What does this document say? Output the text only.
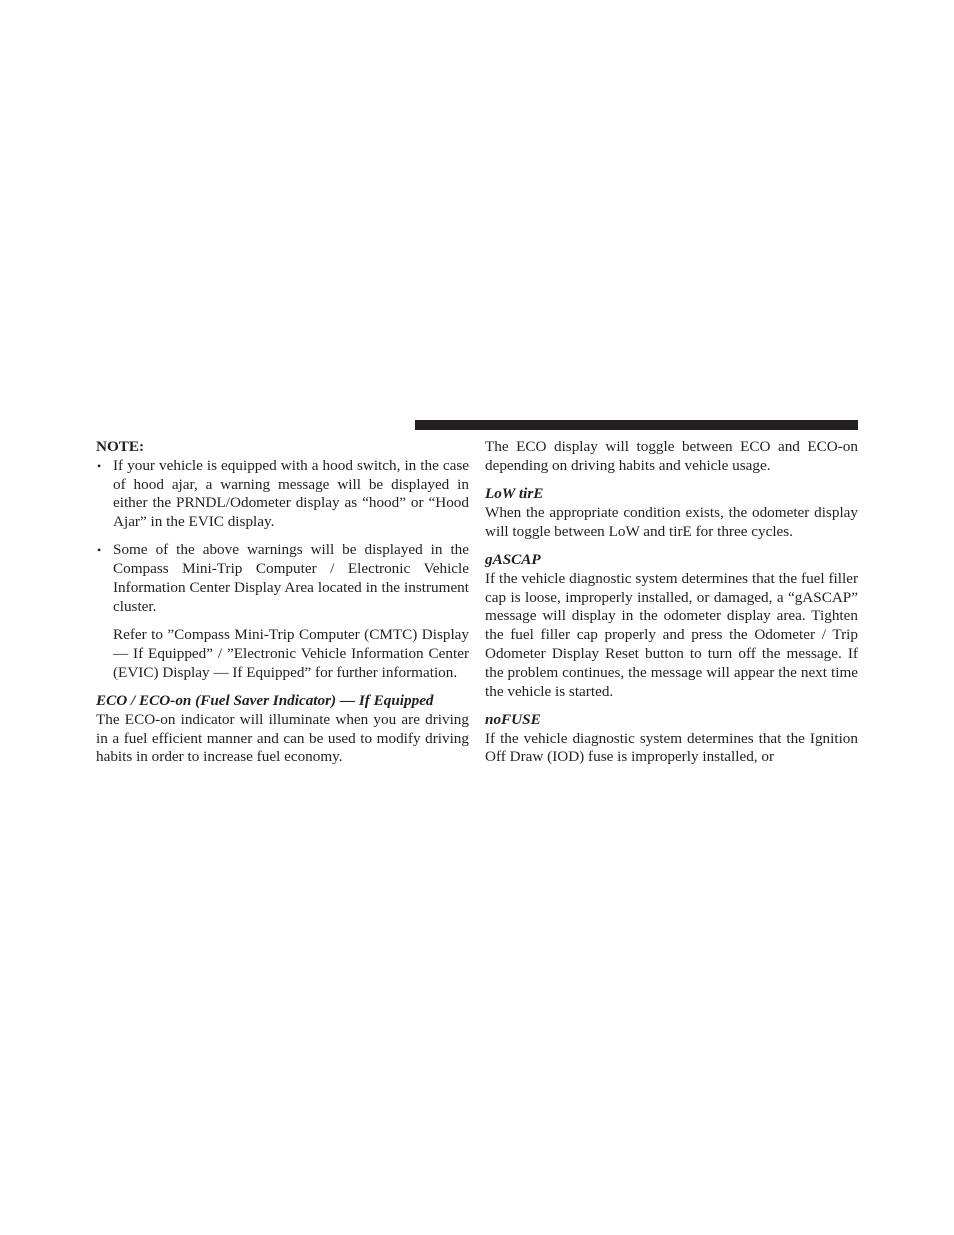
NOTE:

• If your vehicle is equipped with a hood switch, in the case of hood ajar, a warning message will be displayed in either the PRNDL/Odometer display as “hood” or “Hood Ajar” in the EVIC display.

• Some of the above warnings will be displayed in the Compass Mini-Trip Computer / Electronic Vehicle Information Center Display Area located in the instrument cluster.

Refer to ”Compass Mini-Trip Computer (CMTC) Display— If Equipped” / ”Electronic Vehicle Information Center (EVIC) Display — If Equipped” for further information.

ECO / ECO-on (Fuel Saver Indicator) — If Equipped

The ECO-on indicator will illuminate when you are driving in a fuel efficient manner and can be used to modify driving habits in order to increase fuel economy.

The ECO display will toggle between ECO and ECO-on depending on driving habits and vehicle usage.

LoW tirE

When the appropriate condition exists, the odometer display will toggle between LoW and tirE for three cycles.

gASCAP

If the vehicle diagnostic system determines that the fuel filler cap is loose, improperly installed, or damaged, a “gASCAP” message will display in the odometer display area. Tighten the fuel filler cap properly and press the Odometer / Trip Odometer Display Reset button to turn off the message. If the problem continues, the message will appear the next time the vehicle is started.

noFUSE

If the vehicle diagnostic system determines that the Ignition Off Draw (IOD) fuse is improperly installed, or
